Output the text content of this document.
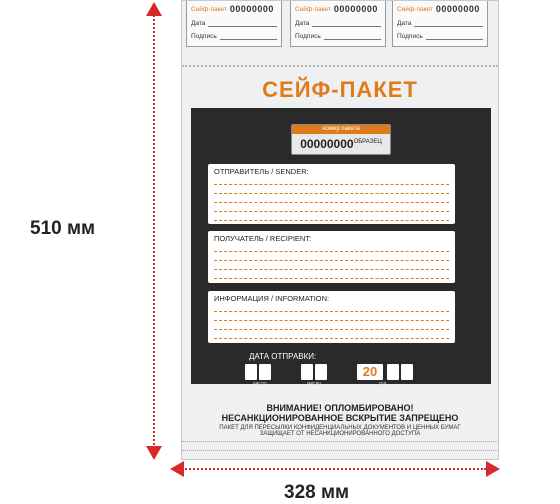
510 мм
328 мм
Сейф-пакет 00000000
Дата
Подпись
Сейф-пакет 00000000
Дата
Подпись
Сейф-пакет 00000000
Дата
Подпись
СЕЙФ-ПАКЕТ
номер пакета
$00000000^{ОБРАЗЕЦ}$
ОТПРАВИТЕЛЬ / SENDER:
ПОЛУЧАТЕЛЬ / RECIPIENT:
ИНФОРМАЦИЯ / INFORMATION:
ДАТА ОТПРАВКИ:
число	месяц
20
год
ВНИМАНИЕ! ОПЛОМБИРОВАНО!
НЕСАНКЦИОНИРОВАННОЕ ВСКРЫТИЕ ЗАПРЕЩЕНО
ПАКЕТ ДЛЯ ПЕРЕСЫЛКИ КОНФИДЕНЦИАЛЬНЫХ ДОКУМЕНТОВ И ЦЕННЫХ БУМАГ
ЗАЩИЩАЕТ ОТ НЕСАНКЦИОНИРОВАННОГО ДОСТУПА
